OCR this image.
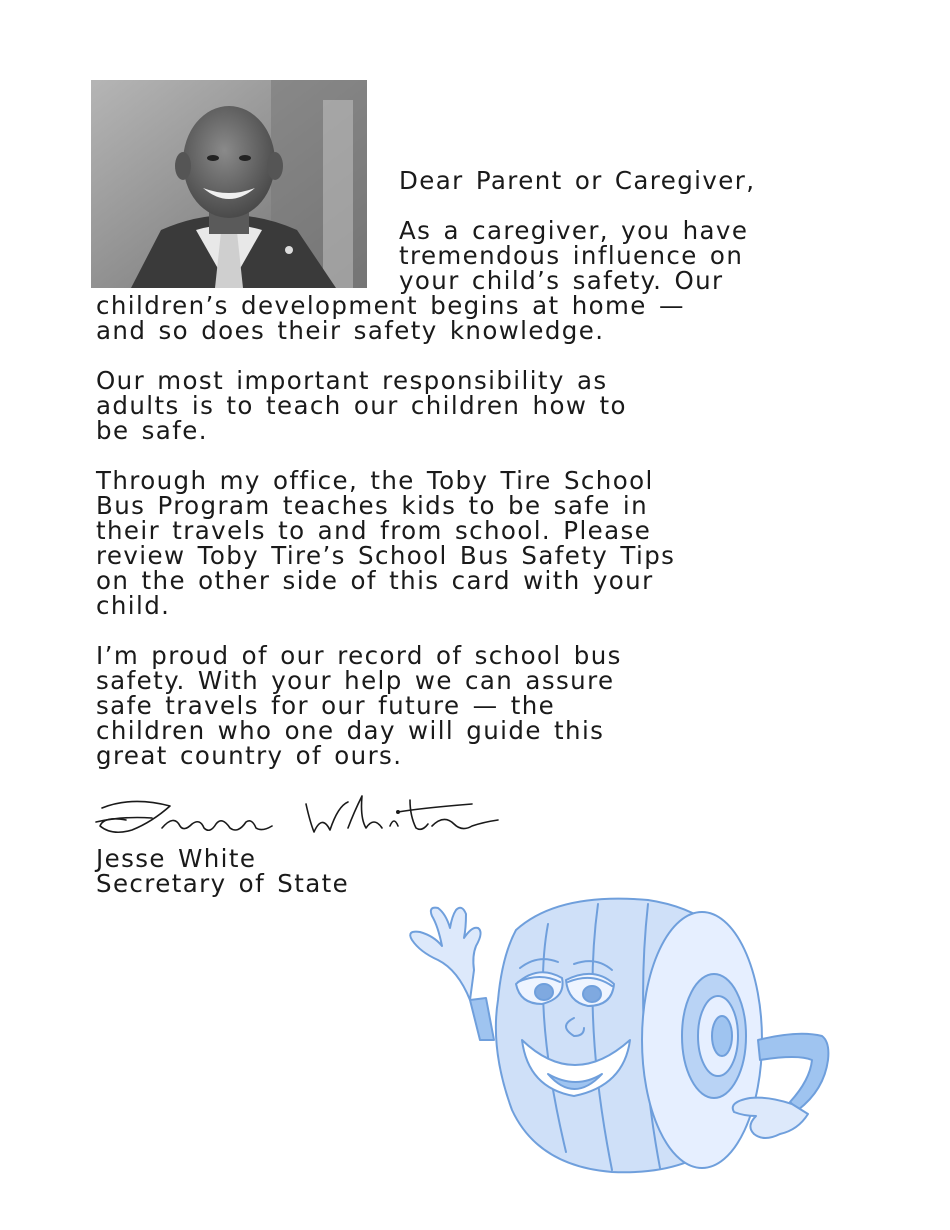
Dear Parent or Caregiver,

As a caregiver, you have
tremendous influence on
your child’s safety. Our
children’s development begins at home —
and so does their safety knowledge.

Our most important responsibility as
adults is to teach our children how to
be safe.

Through my office, the Toby Tire School
Bus Program teaches kids to be safe in
their travels to and from school. Please
review Toby Tire’s School Bus Safety Tips
on the other side of this card with your
child.

I’m proud of our record of school bus
safety. With your help we can assure
safe travels for our future — the
children who one day will guide this
great country of ours.

Jesse White
Secretary of State
